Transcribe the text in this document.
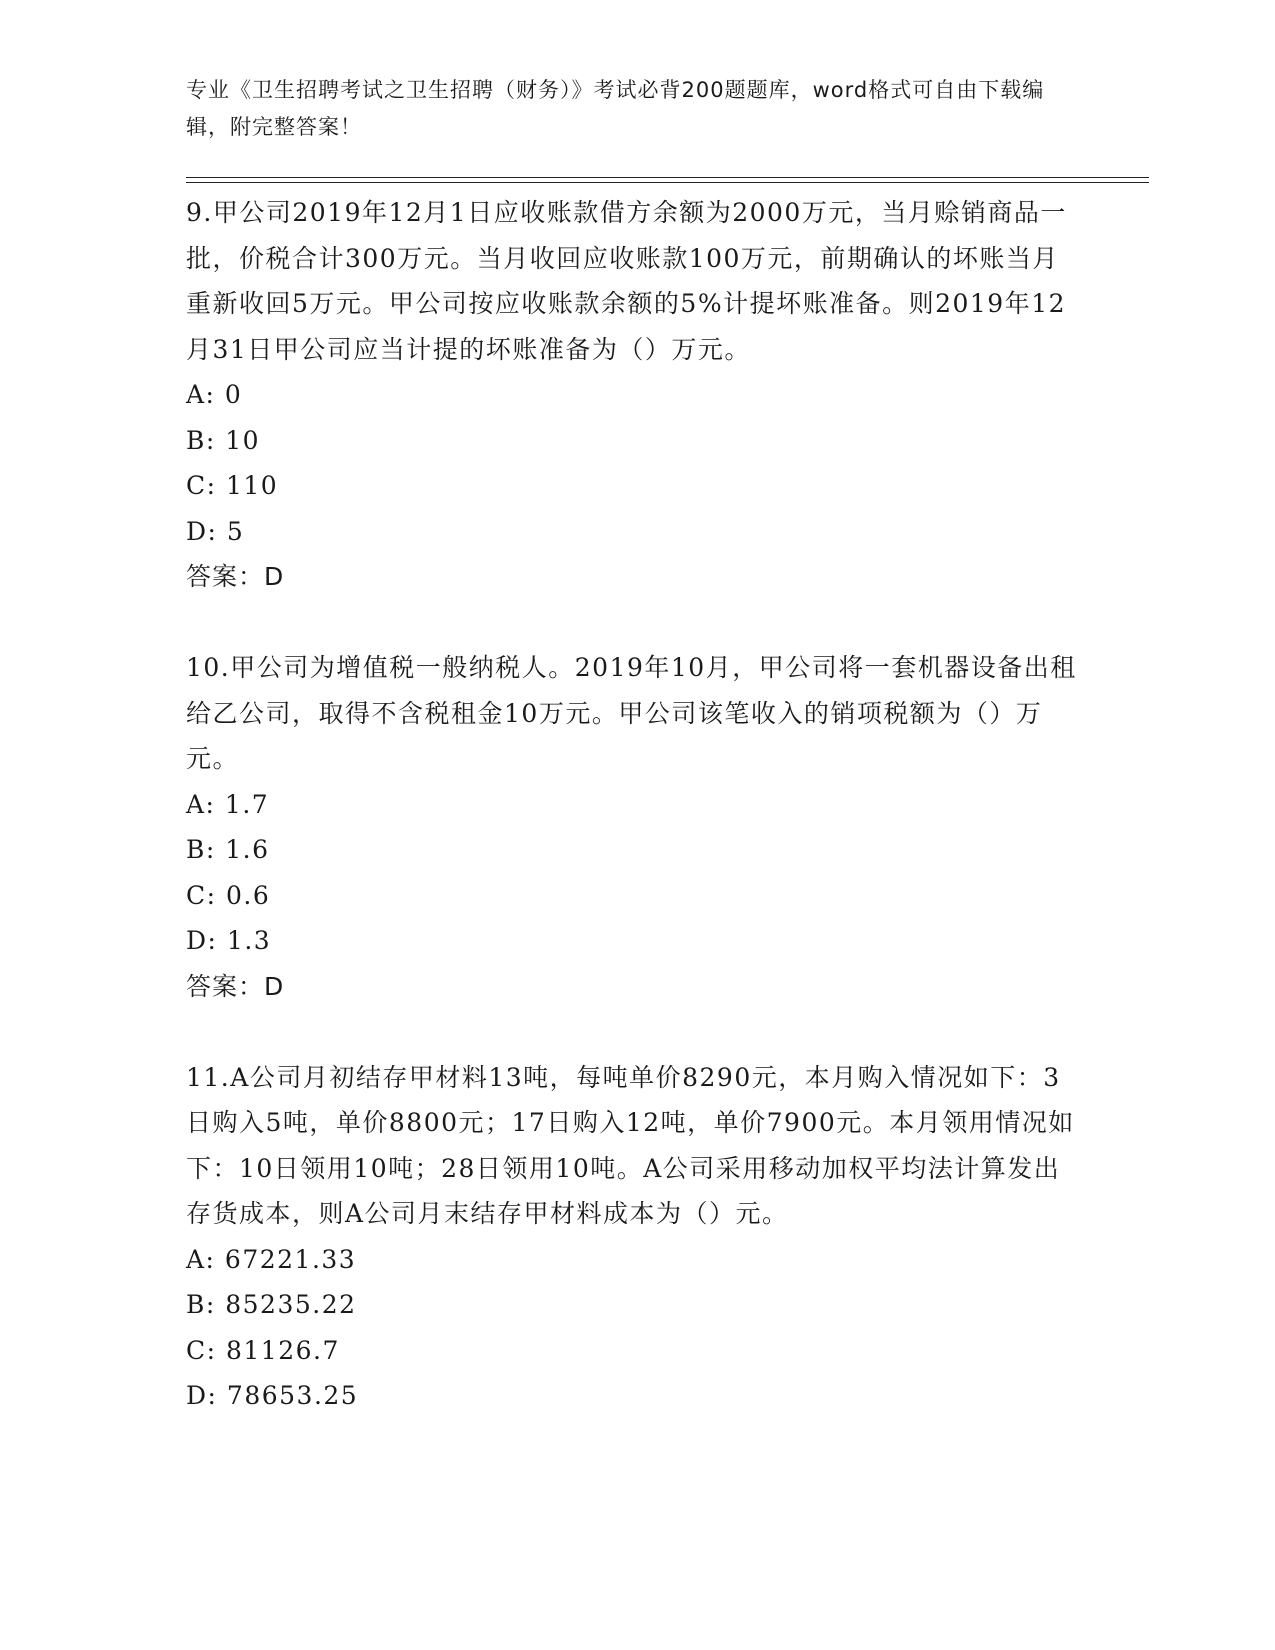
专业《卫生招聘考试之卫生招聘（财务）》考试必背200题题库，word格式可自由下载编辑，附完整答案！
9.甲公司2019年12月1日应收账款借方余额为2000万元，当月赊销商品一批，价税合计300万元。当月收回应收账款100万元，前期确认的坏账当月重新收回5万元。甲公司按应收账款余额的5%计提坏账准备。则2019年12月31日甲公司应当计提的坏账准备为（）万元。
A: 0
B: 10
C: 110
D: 5
答案：D
10.甲公司为增值税一般纳税人。2019年10月，甲公司将一套机器设备出租给乙公司，取得不含税租金10万元。甲公司该笔收入的销项税额为（）万元。
A: 1.7
B: 1.6
C: 0.6
D: 1.3
答案：D
11.A公司月初结存甲材料13吨，每吨单价8290元，本月购入情况如下：3日购入5吨，单价8800元；17日购入12吨，单价7900元。本月领用情况如下：10日领用10吨；28日领用10吨。A公司采用移动加权平均法计算发出存货成本，则A公司月末结存甲材料成本为（）元。
A: 67221.33
B: 85235.22
C: 81126.7
D: 78653.25
